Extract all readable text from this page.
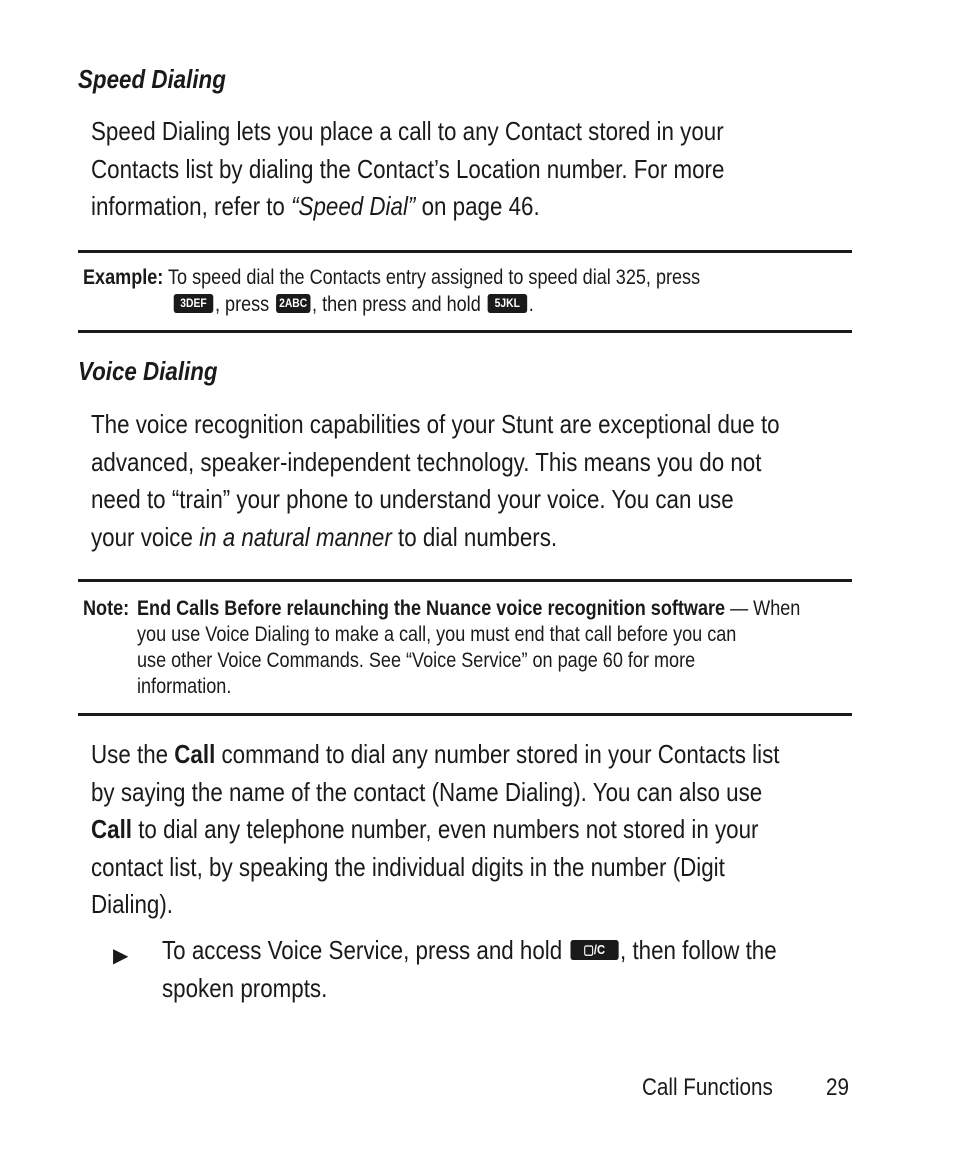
Speed Dialing
Speed Dialing lets you place a call to any Contact stored in your
Contacts list by dialing the Contact’s Location number. For more
information, refer to “Speed Dial” on page 46.
Example: To speed dial the Contacts entry assigned to speed dial 325, press
3DEF , press 2ABC , then press and hold 5JKL .
Voice Dialing
The voice recognition capabilities of your Stunt are exceptional due to
advanced, speaker-independent technology. This means you do not
need to “train” your phone to understand your voice. You can use
your voice in a natural manner to dial numbers.
Note: End Calls Before relaunching the Nuance voice recognition software — When
you use Voice Dialing to make a call, you must end that call before you can
use other Voice Commands. See “Voice Service” on page 60 for more
information.
Use the Call command to dial any number stored in your Contacts list
by saying the name of the contact (Name Dialing). You can also use
Call to dial any telephone number, even numbers not stored in your
contact list, by speaking the individual digits in the number (Digit
Dialing).
▶ To access Voice Service, press and hold ▢/C , then follow the
spoken prompts.
Call Functions 29
